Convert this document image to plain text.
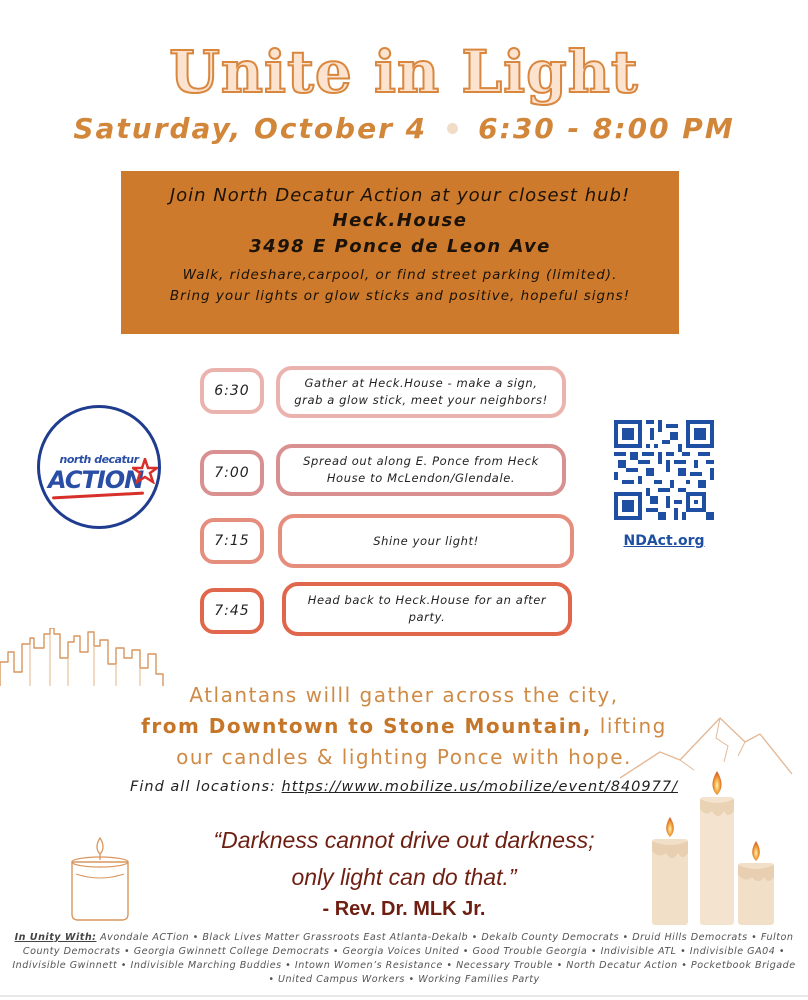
Unite in Light
Saturday, October 4 6:30 - 8:00 PM
Join North Decatur Action at your closest hub!
Heck.House
3498 E Ponce de Leon Ave
Walk, rideshare,carpool, or find street parking (limited).
Bring your lights or glow sticks and positive, hopeful signs!
6:30	Gather at Heck.House - make a sign,
grab a glow stick, meet your neighbors!
7:00
Spread out along E. Ponce from Heck
House to McLendon/Glendale.
7:15	Shine your light!
7:45
Head back to Heck.House for an after
party.
north decatur
ACTION
NDAct.org
Atlantans willl gather across the city,
from Downtown to Stone Mountain, lifting
our candles & lighting Ponce with hope.
Find all locations: https://www.mobilize.us/mobilize/event/840977/
“Darkness cannot drive out darkness;
only light can do that.”
- Rev. Dr. MLK Jr.
In Unity With: Avondale ACTion • Black Lives Matter Grassroots East Atlanta-Dekalb • Dekalb County Democrats • Druid Hills Democrats • Fulton County Democrats • Georgia Gwinnett College Democrats • Georgia Voices United • Good Trouble Georgia • Indivisible ATL • Indivisible GA04 • Indivisible Gwinnett • Indivisible Marching Buddies • Intown Women’s Resistance • Necessary Trouble • North Decatur Action • Pocketbook Brigade • United Campus Workers • Working Families Party
